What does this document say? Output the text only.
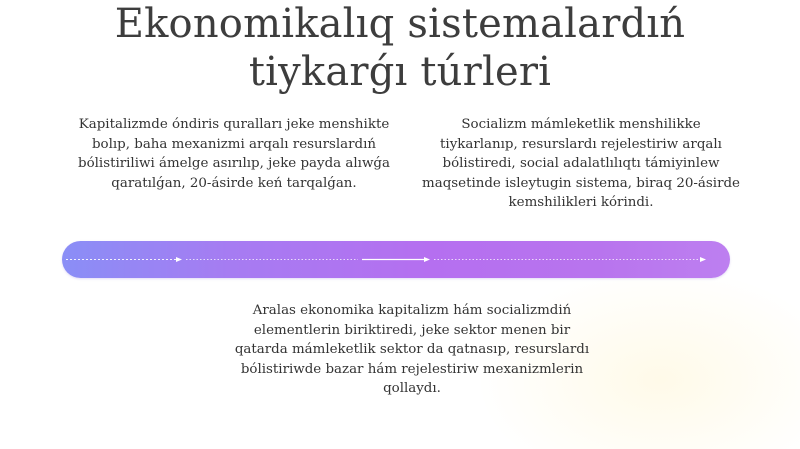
Ekonomikalıq sistemalardıń
tiykarǵı túrleri

Kapitalizmde óndiris quralları jeke menshikte bolıp, baha mexanizmi arqalı resurslardıń bólistiriliwi ámelge asırılıp, jeke payda alıwǵa qaratılǵan, 20-ásirde keń tarqalǵan.

Socializm mámleketlik menshilikke tiykarlanıp, resurslardı rejelestiriw arqalı bólistiredi, social adalatlılıqtı támiyinlew maqsetinde isleytugin sistema, biraq 20-ásirde kemshilikleri kórindi.

Aralas ekonomika kapitalizm hám socializmdiń elementlerin biriktiredi, jeke sektor menen bir qatarda mámleketlik sektor da qatnasıp, resurslardı bólistiriwde bazar hám rejelestiriw mexanizmlerin qollaydı.
